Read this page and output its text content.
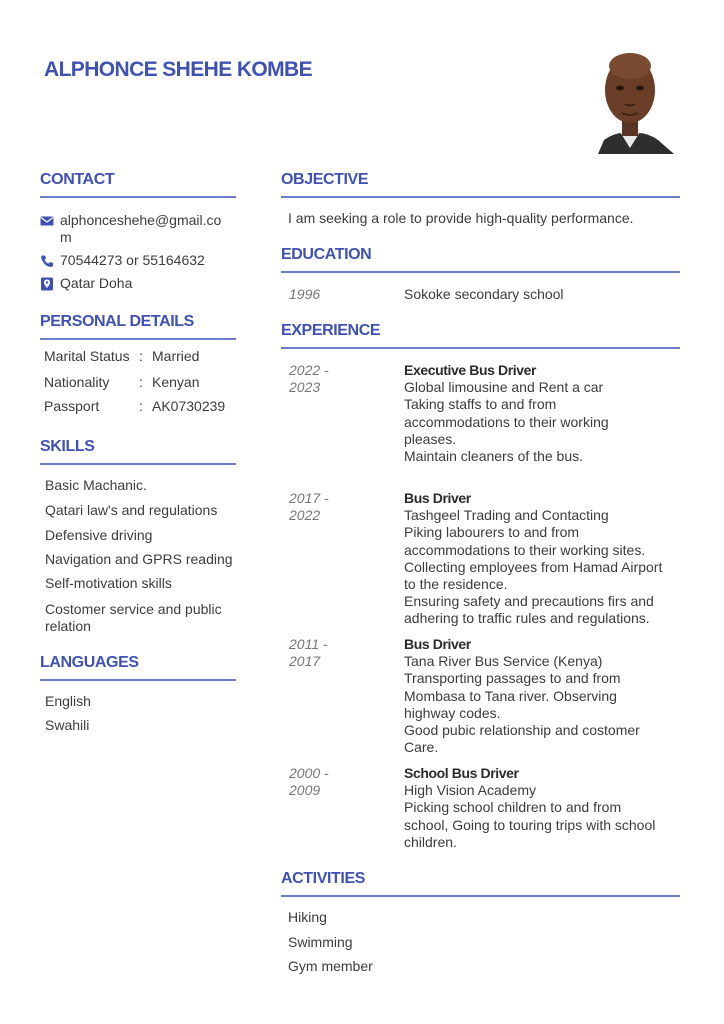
ALPHONCE SHEHE KOMBE
CONTACT
alphonceshehe@gmail.co
m
70544273 or 55164632
Qatar Doha
PERSONAL DETAILS
Marital Status : Married
Nationality : Kenyan
Passport	: AK0730239
SKILLS
Basic Machanic.
Qatari law's and regulations
Defensive driving
Navigation and GPRS reading
Self-motivation skills
Costomer service and public
relation
LANGUAGES
English
Swahili
OBJECTIVE
I am seeking a role to provide high-quality performance.
EDUCATION
1996	Sokoke secondary school
EXPERIENCE
2022 -
2023
Executive Bus Driver
Global limousine and Rent a car
Taking staffs to and from
accommodations to their working
pleases.
Maintain cleaners of the bus.
2017 -
2022
Bus Driver
Tashgeel Trading and Contacting
Piking labourers to and from
accommodations to their working sites.
Collecting employees from Hamad Airport
to the residence.
Ensuring safety and precautions firs and
adhering to traffic rules and regulations.
2011 -
2017
Bus Driver
Tana River Bus Service (Kenya)
Transporting passages to and from
Mombasa to Tana river. Observing
highway codes.
Good pubic relationship and costomer
Care.
2000 -
2009
School Bus Driver
High Vision Academy
Picking school children to and from
school, Going to touring trips with school
children.
ACTIVITIES
Hiking
Swimming
Gym member
